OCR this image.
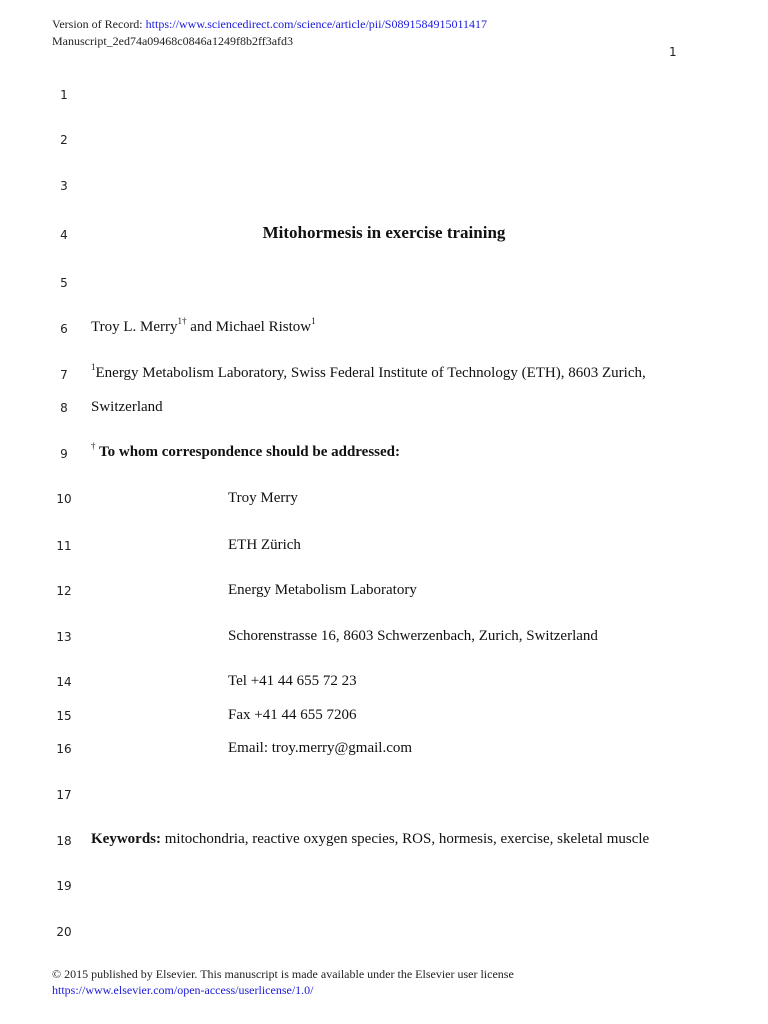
Version of Record: https://www.sciencedirect.com/science/article/pii/S0891584915011417
Manuscript_2ed74a09468c0846a1249f8b2ff3afd3
1
1
2
3
4
5
6
7
8
9
10
11
12
13
14
15
16
17
18
19
20
Mitohormesis in exercise training
Troy L. Merry$^{1\dagger}$ and Michael Ristow$^1$
$^1$Energy Metabolism Laboratory, Swiss Federal Institute of Technology (ETH), 8603 Zurich,
Switzerland
† To whom correspondence should be addressed:
Troy Merry
ETH Zürich
Energy Metabolism Laboratory
Schorenstrasse 16, 8603 Schwerzenbach, Zurich, Switzerland
Tel +41 44 655 72 23
Fax +41 44 655 7206
Email: troy.merry@gmail.com
Keywords: mitochondria, reactive oxygen species, ROS, hormesis, exercise, skeletal muscle
© 2015 published by Elsevier. This manuscript is made available under the Elsevier user license
https://www.elsevier.com/open-access/userlicense/1.0/
